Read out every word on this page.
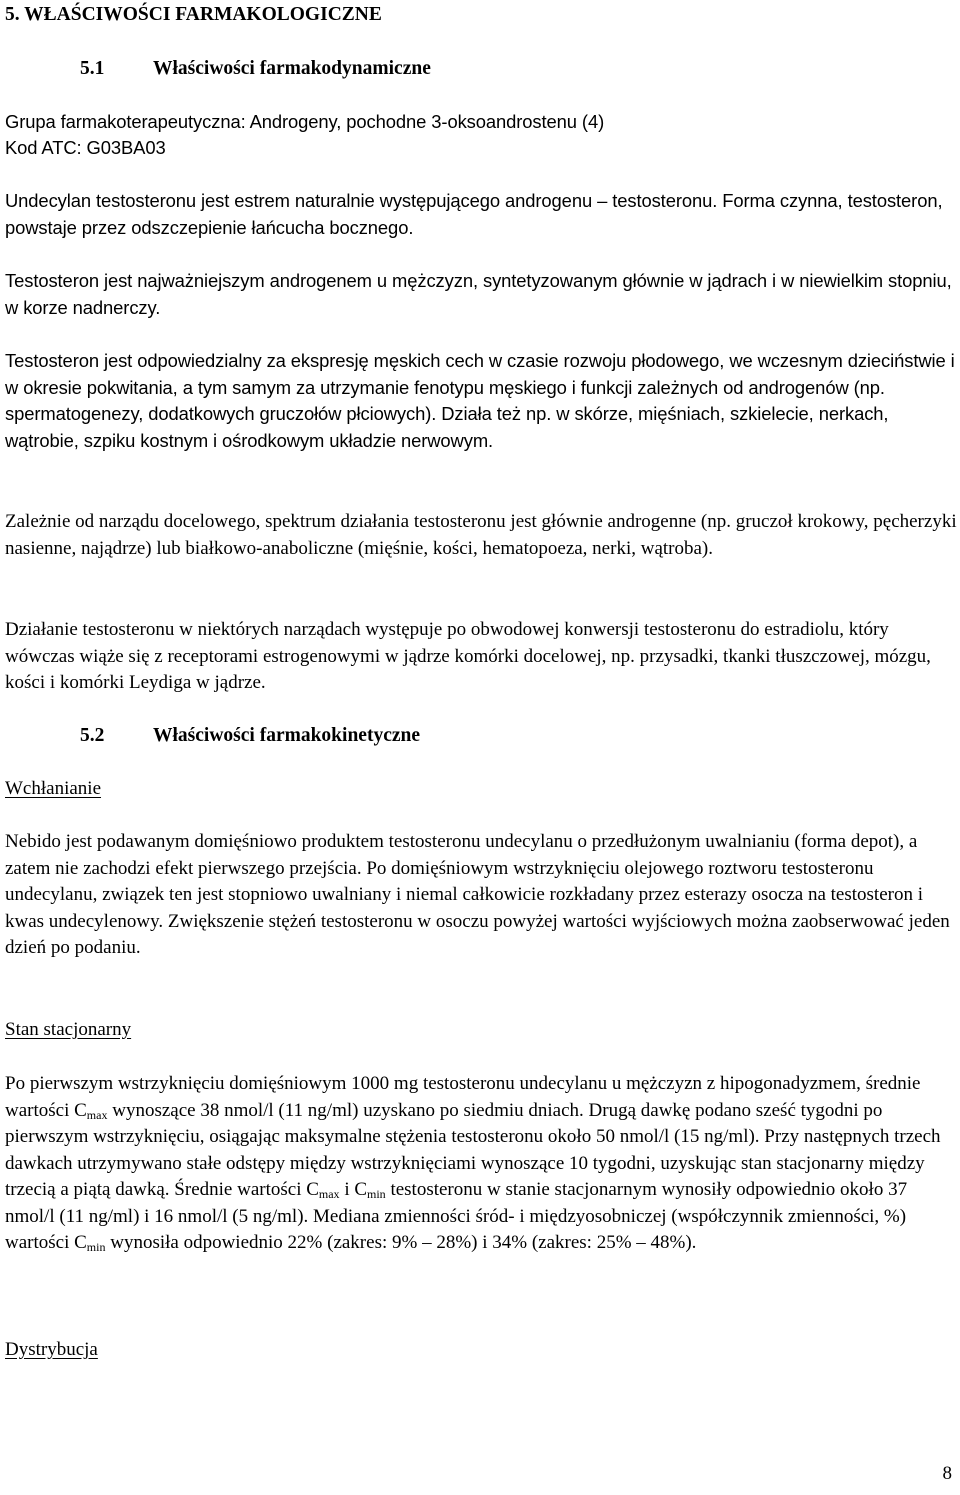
5. WŁAŚCIWOŚCI FARMAKOLOGICZNE
5.1 Właściwości farmakodynamiczne
Grupa farmakoterapeutyczna: Androgeny, pochodne 3-oksoandrostenu (4)
Kod ATC: G03BA03

Undecylan testosteronu jest estrem naturalnie występującego androgenu – testosteronu. Forma czynna, testosteron, powstaje przez odszczepienie łańcucha bocznego.

Testosteron jest najważniejszym androgenem u mężczyzn, syntetyzowanym głównie w jądrach i w niewielkim stopniu, w korze nadnerczy.

Testosteron jest odpowiedzialny za ekspresję męskich cech w czasie rozwoju płodowego, we wczesnym dzieciństwie i w okresie pokwitania, a tym samym za utrzymanie fenotypu męskiego i funkcji zależnych od androgenów (np. spermatogenezy, dodatkowych gruczołów płciowych). Działa też np. w skórze, mięśniach, szkielecie, nerkach, wątrobie, szpiku kostnym i ośrodkowym układzie nerwowym.

Zależnie od narządu docelowego, spektrum działania testosteronu jest głównie androgenne (np. gruczoł krokowy, pęcherzyki nasienne, najądrze) lub białkowo-anaboliczne (mięśnie, kości, hematopoeza, nerki, wątroba).

Działanie testosteronu w niektórych narządach występuje po obwodowej konwersji testosteronu do estradiolu, który wówczas wiąże się z receptorami estrogenowymi w jądrze komórki docelowej, np. przysadki, tkanki tłuszczowej, mózgu, kości i komórki Leydiga w jądrze.

5.2 Właściwości farmakokinetyczne
Wchłanianie

Nebido jest podawanym domięśniowo produktem testosteronu undecylanu o przedłużonym uwalnianiu (forma depot), a zatem nie zachodzi efekt pierwszego przejścia. Po domięśniowym wstrzyknięciu olejowego roztworu testosteronu undecylanu, związek ten jest stopniowo uwalniany i niemal całkowicie rozkładany przez esterazy osocza na testosteron i kwas undecylenowy. Zwiększenie stężeń testosteronu w osoczu powyżej wartości wyjściowych można zaobserwować jeden dzień po podaniu.

Stan stacjonarny

Po pierwszym wstrzyknięciu domięśniowym 1000 mg testosteronu undecylanu u mężczyzn z hipogonadyzmem, średnie wartości $C_{max}$ wynoszące 38 nmol/l (11 ng/ml) uzyskano po siedmiu dniach. Drugą dawkę podano sześć tygodni po pierwszym wstrzyknięciu, osiągając maksymalne stężenia testosteronu około 50 nmol/l (15 ng/ml). Przy następnych trzech dawkach utrzymywano stałe odstępy między wstrzyknięciami wynoszące 10 tygodni, uzyskując stan stacjonarny między trzecią a piątą dawką. Średnie wartości $C_{max}$ i $C_{min}$ testosteronu w stanie stacjonarnym wynosiły odpowiednio około 37 nmol/l (11 ng/ml) i 16 nmol/l (5 ng/ml). Mediana zmienności śród- i międzyosobniczej (współczynnik zmienności, %) wartości $C_{min}$ wynosiła odpowiednio 22% (zakres: 9% – 28%) i 34% (zakres: 25% – 48%).

Dystrybucja
8
